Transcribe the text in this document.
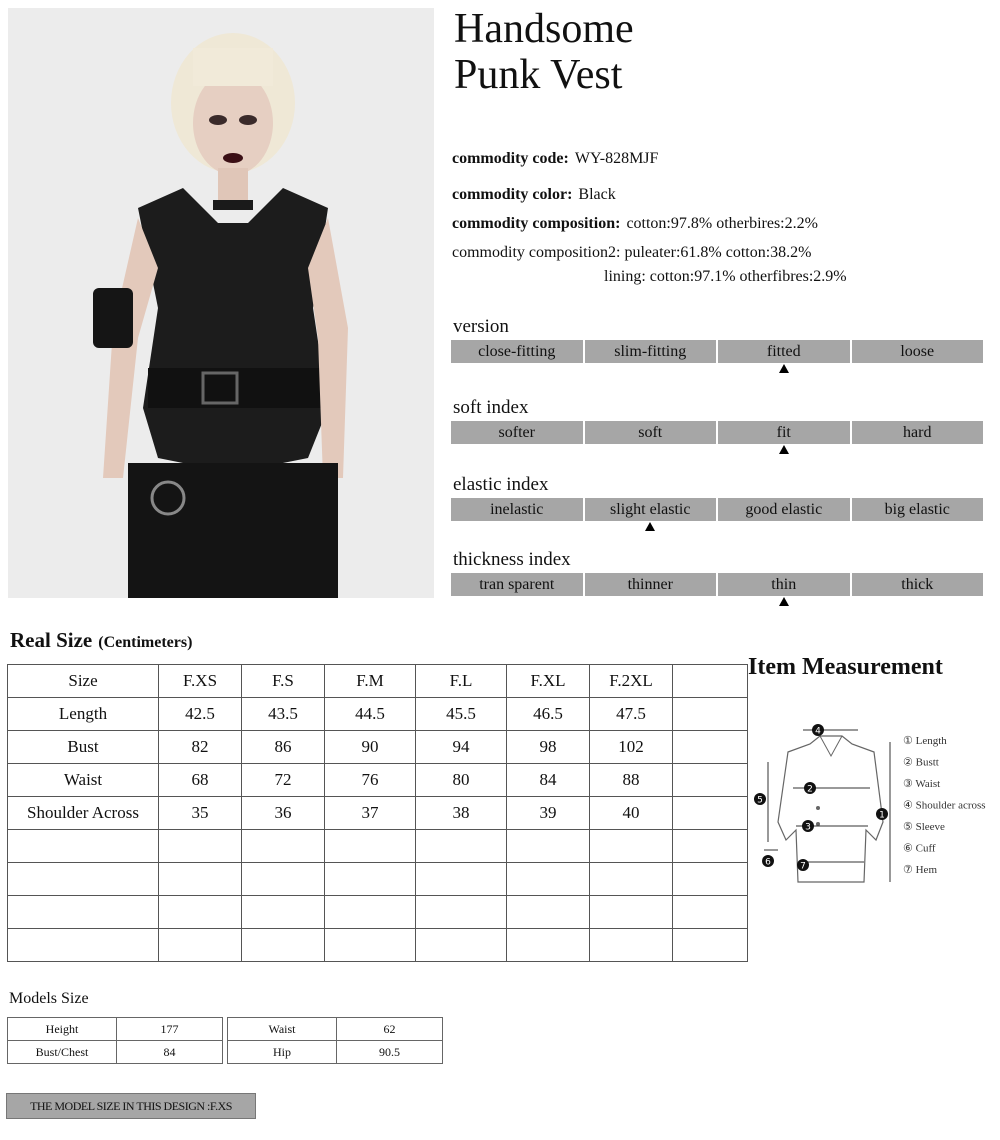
Handsome
Punk Vest
commodity code: WY-828MJF
commodity color: Black
commodity composition: cotton:97.8% otherbires:2.2%
commodity composition2: puleater:61.8% cotton:38.2%
lining: cotton:97.1% otherfibres:2.9%
version
close-fitting	slim-fitting	fitted	loose
soft index
softer	soft	fit	hard
elastic index
inelastic	slight elastic	good elastic	big elastic
thickness index
tran sparent	thinner	thin	thick
Real Size (Centimeters)
Size	F.XS	F.S	F.M	F.L	F.XL	F.2XL	
Length	42.5	43.5	44.5	45.5	46.5	47.5	
Bust	82	86	90	94	98	102	
Waist	68	72	76	80	84	88	
Shoulder Across	35	36	37	38	39	40	

Item Measurement
1
2
3
4
5
6	7
① Length
② Bustt
③ Waist
④ Shoulder across
⑤ Sleeve
⑥ Cuff
⑦ Hem
Models Size
Height	177
Bust/Chest	84
Waist	62
Hip	90.5
THE MODEL SIZE IN THIS DESIGN :F.XS
